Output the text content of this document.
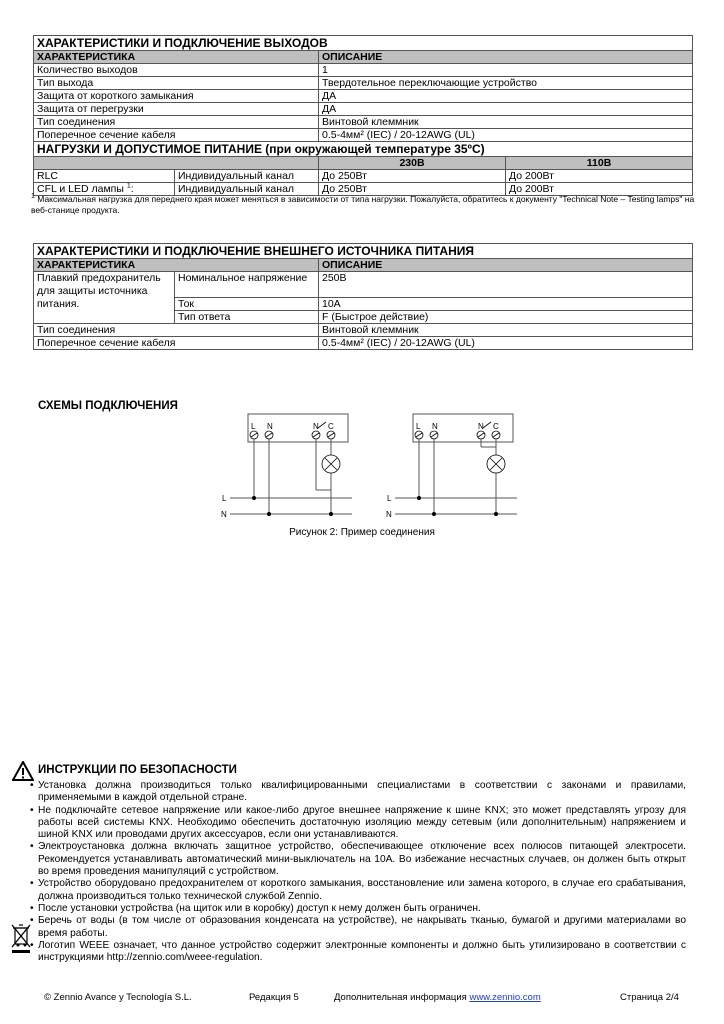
ХАРАКТЕРИСТИКИ И ПОДКЛЮЧЕНИЕ ВЫХОДОВ			
ХАРАКТЕРИСТИКА		ОПИСАНИЕ	
Количество выходов		1	
Тип выхода		Твердотельное переключающие устройство	
Защита от короткого замыкания		ДА	
Защита от перегрузки		ДА	
Тип соединения		Винтовой клеммник	
Поперечное сечение кабеля		0.5-4мм² (IEC) / 20-12AWG (UL)	
НАГРУЗКИ И ДОПУСТИМОЕ ПИТАНИЕ (при окружающей температуре 35ºC)			
		230В	110В
RLC	Индивидуальный канал	До 250Вт	До 200Вт
CFL и LED лампы $^1$:	Индивидуальный канал	До 250Вт	До 200Вт
$^1$ Максимальная нагрузка для переднего края может меняться в зависимости от типа нагрузки. Пожалуйста, обратитесь к документу "Technical Note – Testing lamps" на веб-станице продукта.
ХАРАКТЕРИСТИКИ И ПОДКЛЮЧЕНИЕ ВНЕШНЕГО ИСТОЧНИКА ПИТАНИЯ		
ХАРАКТЕРИСТИКА		ОПИСАНИЕ
Плавкий предохранитель для защиты источника питания.	Номинальное напряжение	250В
	Ток	10А
	Тип ответа	F (Быстрое действие)
Тип соединения		Винтовой клеммник
Поперечное сечение кабеля		0.5-4мм² (IEC) / 20-12AWG (UL)
СХЕМЫ ПОДКЛЮЧЕНИЯ
L N	N C
L
N
L N	N C
L
N
Рисунок 2: Пример соединения
ИНСТРУКЦИИ ПО БЕЗОПАСНОСТИ
• Установка должна производиться только квалифицированными специалистами в соответствии с законами и правилами, применяемыми в каждой отдельной стране.
• Не подключайте сетевое напряжение или какое-либо другое внешнее напряжение к шине KNX; это может представлять угрозу для работы всей системы KNX. Необходимо обеспечить достаточную изоляцию между сетевым (или дополнительным) напряжением и шиной KNX или проводами других аксессуаров, если они устанавливаются.
• Электроустановка должна включать защитное устройство, обеспечивающее отключение всех полюсов питающей электросети. Рекомендуется устанавливать автоматический мини-выключатель на 10А. Во избежание несчастных случаев, он должен быть открыт во время проведения манипуляций с устройством.
• Устройство оборудовано предохранителем от короткого замыкания, восстановление или замена которого, в случае его срабатывания, должна производиться только технической службой Zennio.
• После установки устройства (на щиток или в коробку) доступ к нему должен быть ограничен.
• Беречь от воды (в том числе от образования конденсата на устройстве), не накрывать тканью, бумагой и другими материалами во время работы.
• Логотип WEEE означает, что данное устройство содержит электронные компоненты и должно быть утилизировано в соответствии с инструкциями http://zennio.com/weee-regulation.
© Zennio Avance y Tecnología S.L.	Редакция 5	Дополнительная информация www.zennio.com	Страница 2/4
